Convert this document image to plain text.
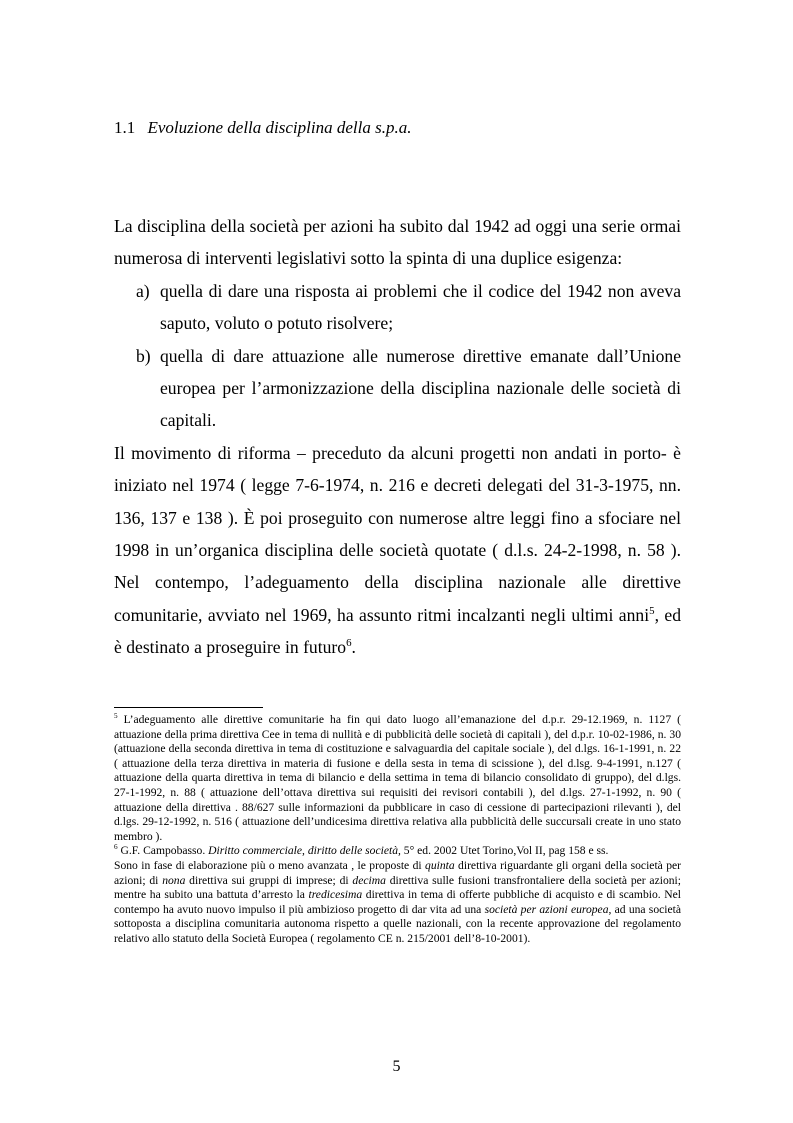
1.1 Evoluzione della disciplina della s.p.a.

La disciplina della società per azioni ha subito dal 1942 ad oggi una serie ormai numerosa di interventi legislativi sotto la spinta di una duplice esigenza:

a) quella di dare una risposta ai problemi che il codice del 1942 non aveva saputo, voluto o potuto risolvere;
b) quella di dare attuazione alle numerose direttive emanate dall’Unione europea per l’armonizzazione della disciplina nazionale delle società di capitali.

Il movimento di riforma – preceduto da alcuni progetti non andati in porto- è iniziato nel 1974 ( legge 7-6-1974, n. 216 e decreti delegati del 31-3-1975, nn. 136, 137 e 138 ). È poi proseguito con numerose altre leggi fino a sfociare nel 1998 in un’organica disciplina delle società quotate ( d.l.s. 24-2-1998, n. 58 ). Nel contempo, l’adeguamento della disciplina nazionale alle direttive comunitarie, avviato nel 1969, ha assunto ritmi incalzanti negli ultimi anni$^5$, ed è destinato a proseguire in futuro$^6$.

$^5$ L’adeguamento alle direttive comunitarie ha fin qui dato luogo all’emanazione del d.p.r. 29-12.1969, n. 1127 ( attuazione della prima direttiva Cee in tema di nullità e di pubblicità delle società di capitali ), del d.p.r. 10-02-1986, n. 30 (attuazione della seconda direttiva in tema di costituzione e salvaguardia del capitale sociale ), del d.lgs. 16-1-1991, n. 22 ( attuazione della terza direttiva in materia di fusione e della sesta in tema di scissione ), del d.lsg. 9-4-1991, n.127 ( attuazione della quarta direttiva in tema di bilancio e della settima in tema di bilancio consolidato di gruppo), del d.lgs. 27-1-1992, n. 88 ( attuazione dell’ottava direttiva sui requisiti dei revisori contabili ), del d.lgs. 27-1-1992, n. 90 ( attuazione della direttiva . 88/627 sulle informazioni da pubblicare in caso di cessione di partecipazioni rilevanti ), del d.lgs. 29-12-1992, n. 516 ( attuazione dell’undicesima direttiva relativa alla pubblicità delle succursali create in uno stato membro ).

$^6$ G.F. Campobasso. Diritto commerciale, diritto delle società, 5° ed. 2002 Utet Torino,Vol II, pag 158 e ss.

Sono in fase di elaborazione più o meno avanzata , le proposte di quinta direttiva riguardante gli organi della società per azioni; di nona direttiva sui gruppi di imprese; di decima direttiva sulle fusioni transfrontaliere della società per azioni; mentre ha subito una battuta d’arresto la tredicesima direttiva in tema di offerte pubbliche di acquisto e di scambio. Nel contempo ha avuto nuovo impulso il più ambizioso progetto di dar vita ad una società per azioni europea, ad una società sottoposta a disciplina comunitaria autonoma rispetto a quelle nazionali, con la recente approvazione del regolamento relativo allo statuto della Società Europea ( regolamento CE n. 215/2001 dell’8-10-2001).

5
